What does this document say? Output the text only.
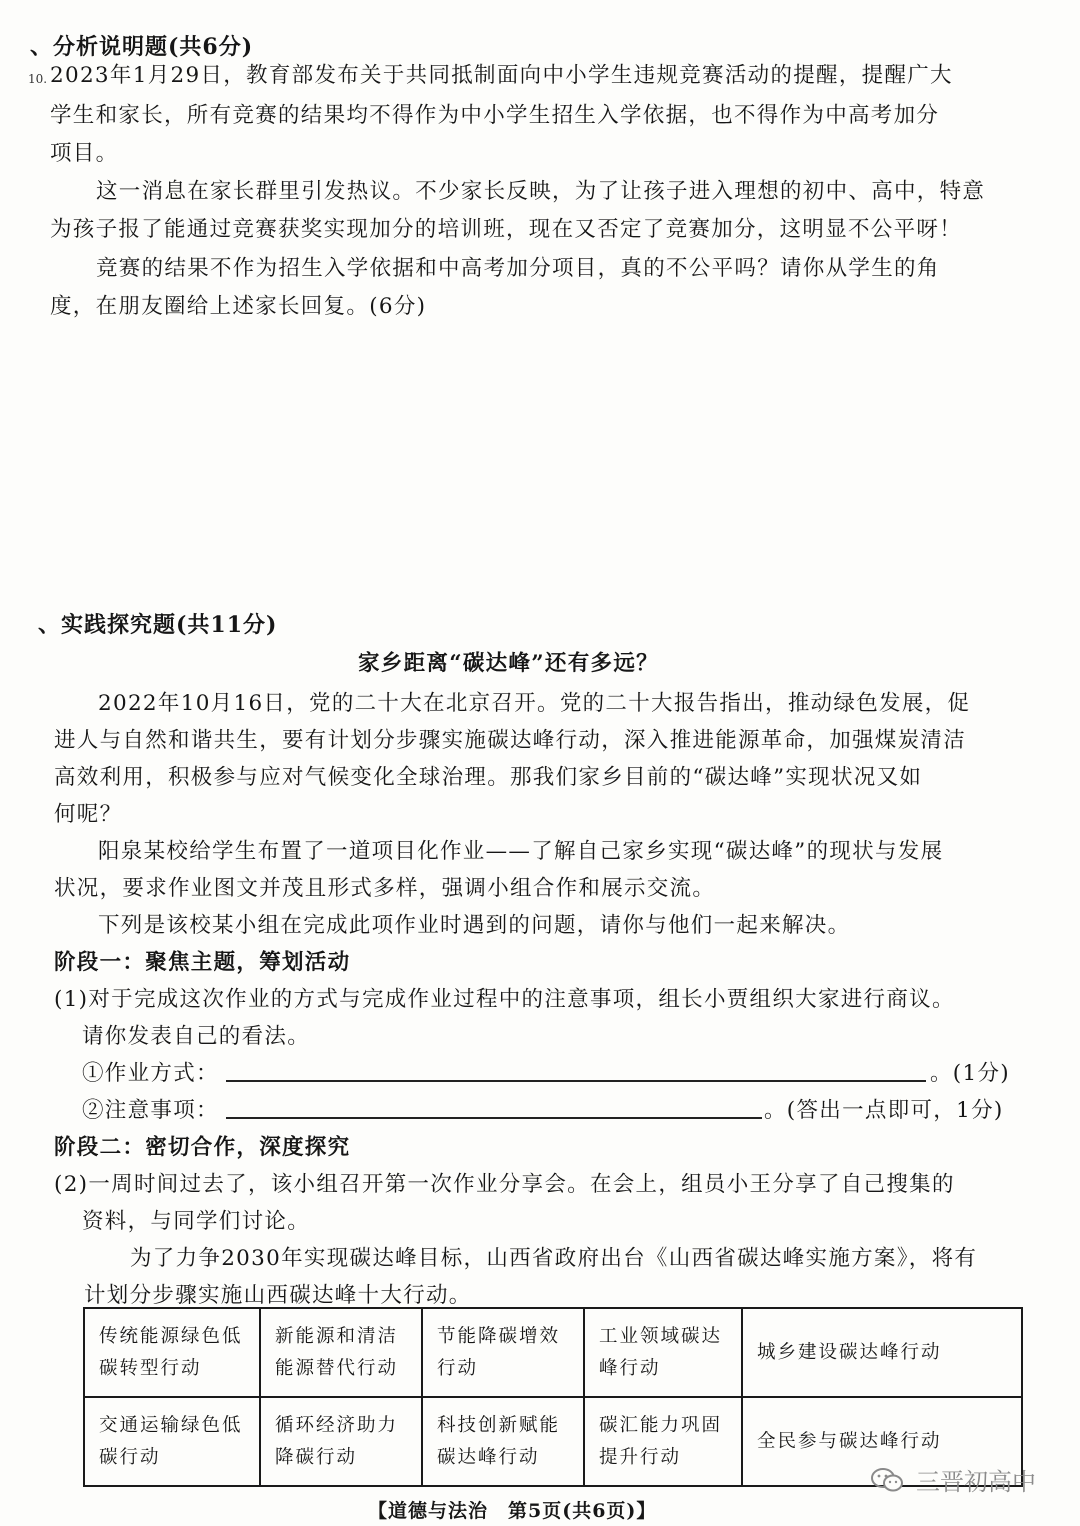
、分析说明题(共6分)
10. 2023年1月29日，教育部发布关于共同抵制面向中小学生违规竞赛活动的提醒，提醒广大
学生和家长，所有竞赛的结果均不得作为中小学生招生入学依据，也不得作为中高考加分
项目。
这一消息在家长群里引发热议。不少家长反映，为了让孩子进入理想的初中、高中，特意
为孩子报了能通过竞赛获奖实现加分的培训班，现在又否定了竞赛加分，这明显不公平呀！
竞赛的结果不作为招生入学依据和中高考加分项目，真的不公平吗？请你从学生的角
度，在朋友圈给上述家长回复。(6分)
、实践探究题(共11分)
家乡距离“碳达峰”还有多远？
2022年10月16日，党的二十大在北京召开。党的二十大报告指出，推动绿色发展，促
进人与自然和谐共生，要有计划分步骤实施碳达峰行动，深入推进能源革命，加强煤炭清洁
高效利用，积极参与应对气候变化全球治理。那我们家乡目前的“碳达峰”实现状况又如
何呢？
阳泉某校给学生布置了一道项目化作业——了解自己家乡实现“碳达峰”的现状与发展
状况，要求作业图文并茂且形式多样，强调小组合作和展示交流。
下列是该校某小组在完成此项作业时遇到的问题，请你与他们一起来解决。
阶段一：聚焦主题，筹划活动
(1)对于完成这次作业的方式与完成作业过程中的注意事项，组长小贾组织大家进行商议。
请你发表自己的看法。
①作业方式：	。(1分)
②注意事项：	。(答出一点即可，1分)
阶段二：密切合作，深度探究
(2)一周时间过去了，该小组召开第一次作业分享会。在会上，组员小王分享了自己搜集的
资料，与同学们讨论。
为了力争2030年实现碳达峰目标，山西省政府出台《山西省碳达峰实施方案》，将有
计划分步骤实施山西碳达峰十大行动。
传统能源绿色低碳转型行动	新能源和清洁能源替代行动	节能降碳增效行动	工业领域碳达峰行动	城乡建设碳达峰行动
交通运输绿色低碳行动	循环经济助力降碳行动	科技创新赋能碳达峰行动	碳汇能力巩固提升行动	全民参与碳达峰行动
【道德与法治　第5页(共6页)】
三晋初高中
